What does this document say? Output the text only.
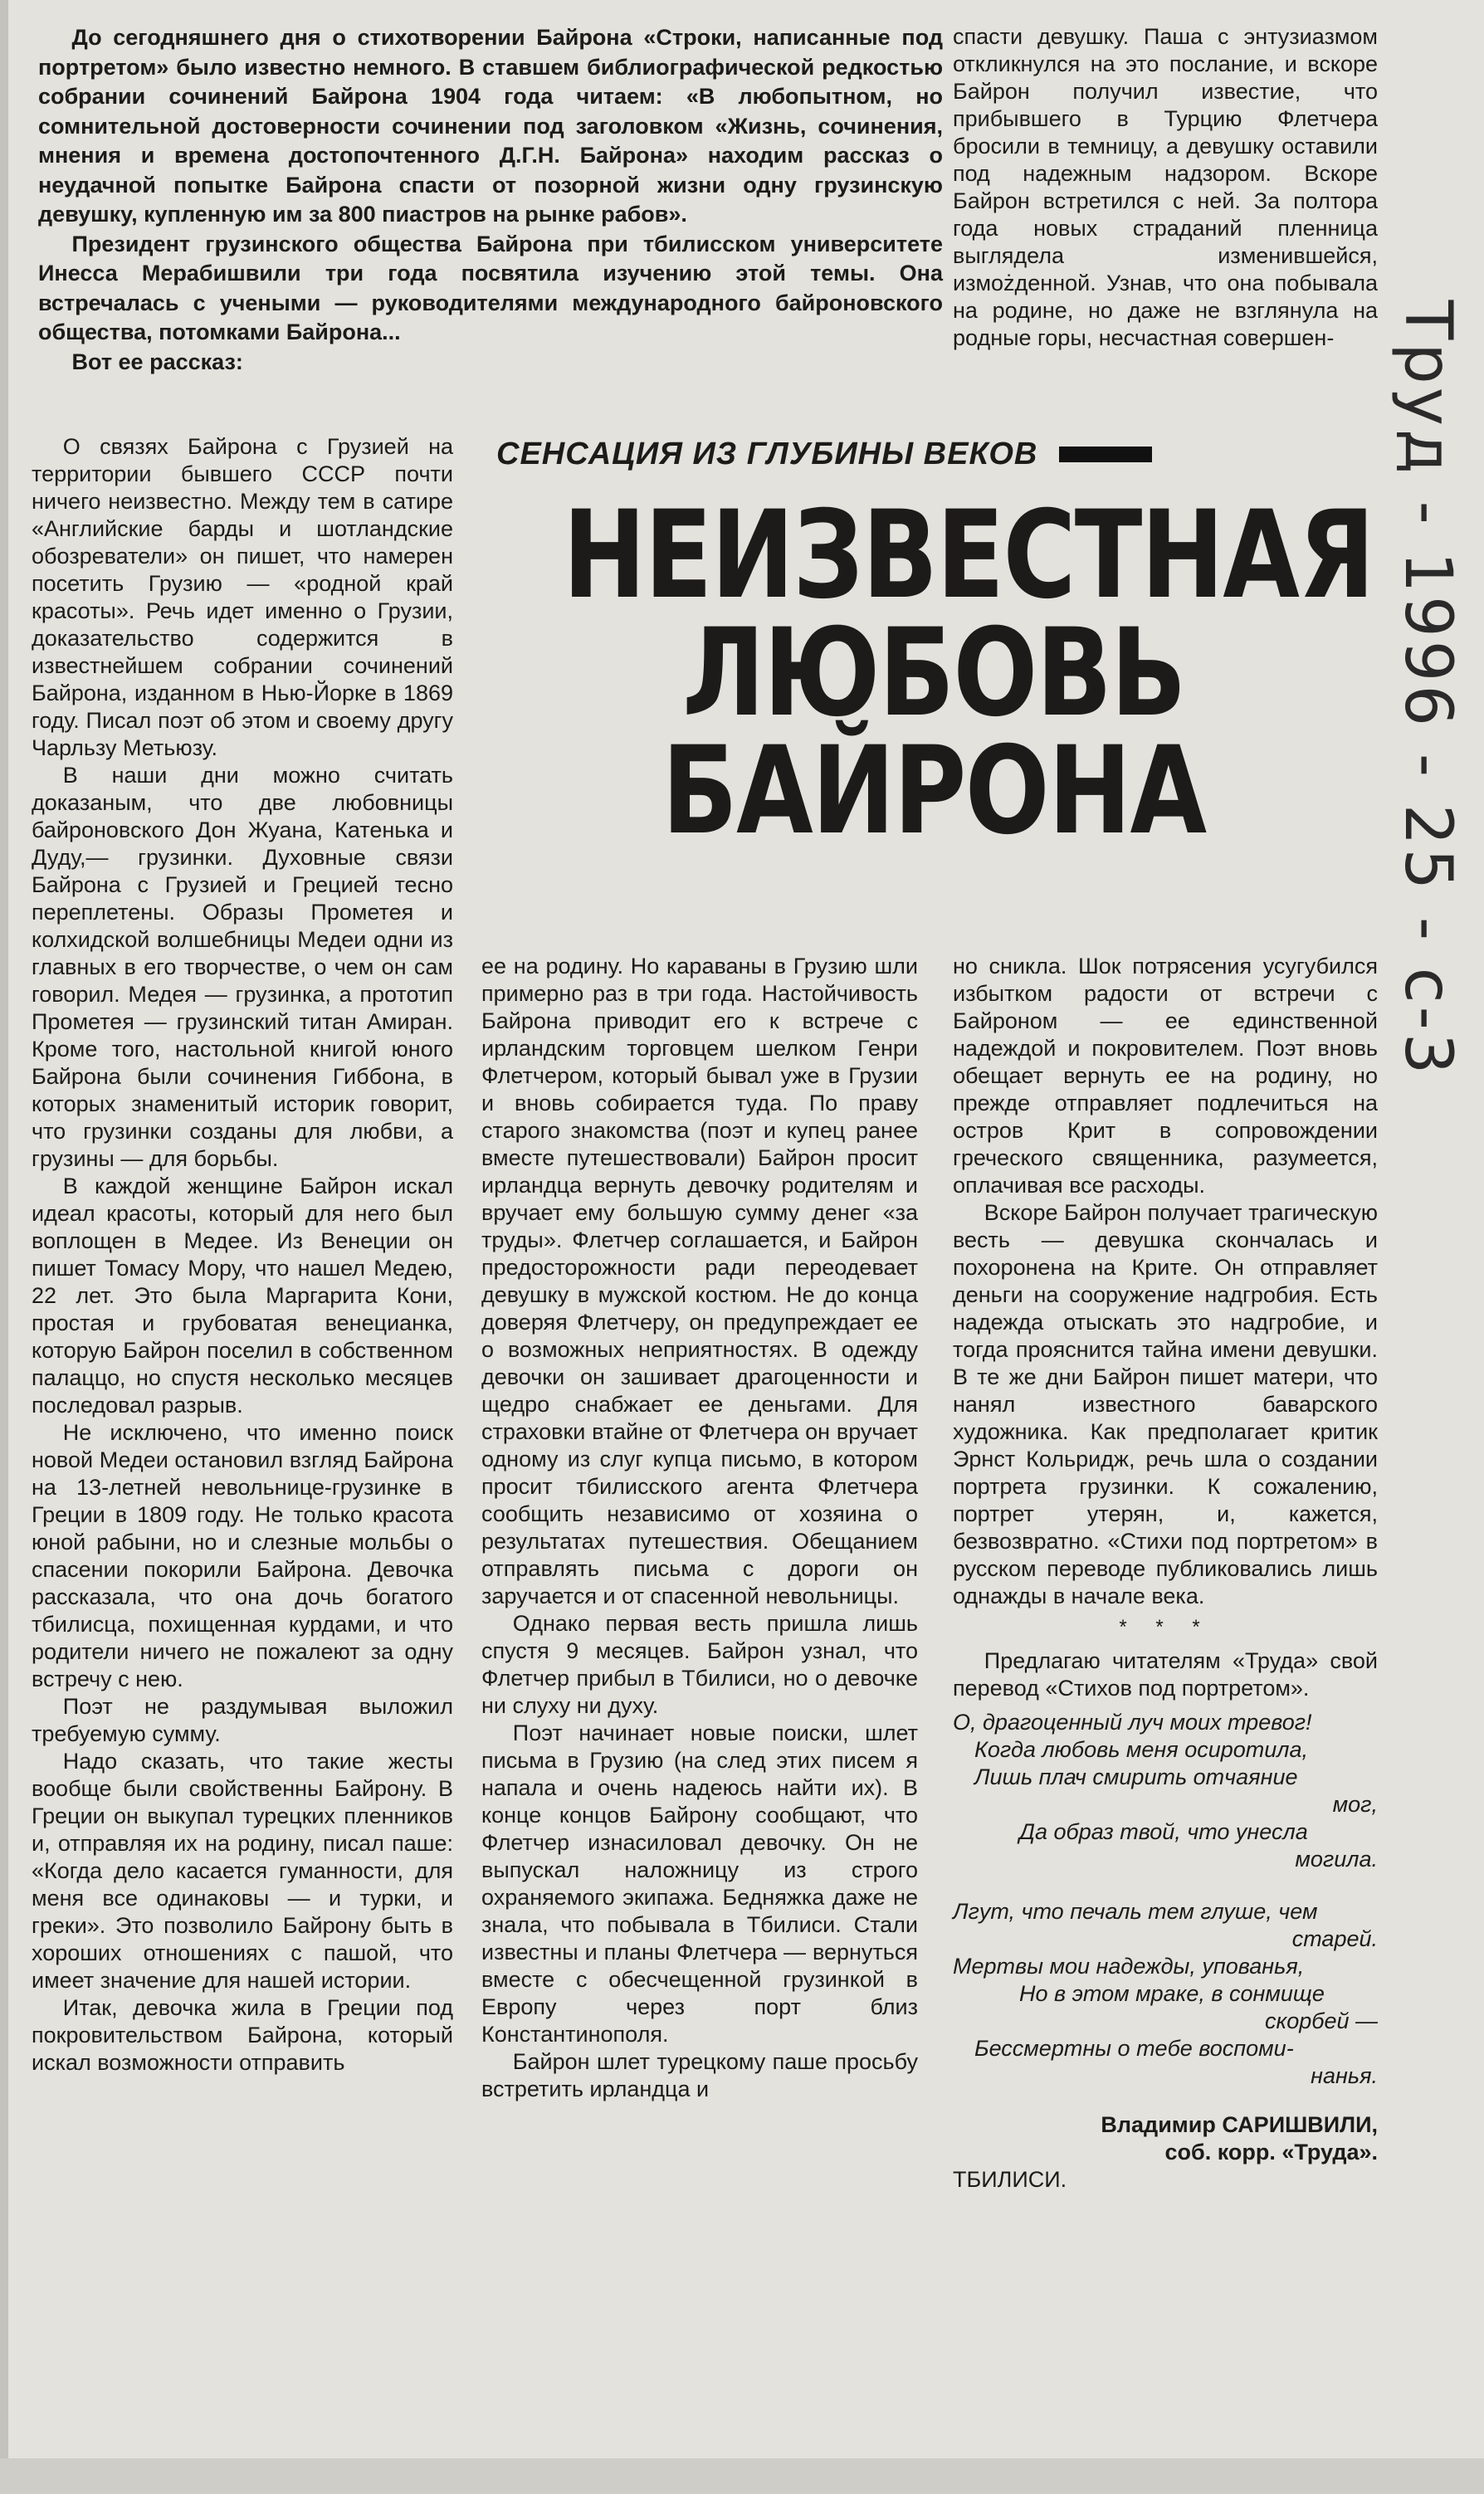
До сегодняшнего дня о стихотворении Байрона «Строки, написанные под портретом» было известно немного. В ставшем библиографической редкостью собрании сочинений Байрона 1904 года читаем: «В любопытном, но сомнительной достоверности сочинении под заголовком «Жизнь, сочинения, мнения и времена достопочтенного Д.Г.Н. Байрона» находим рассказ о неудачной попытке Байрона спасти от позорной жизни одну грузинскую девушку, купленную им за 800 пиастров на рынке рабов».

Президент грузинского общества Байрона при тбилисском университете Инесса Мерабишвили три года посвятила изучению этой темы. Она встречалась с учеными — руководителями международного байроновского общества, потомками Байрона...

Вот ее рассказ:

О связях Байрона с Грузией на территории бывшего СССР почти ничего неизвестно. Между тем в сатире «Английские барды и шотландские обозреватели» он пишет, что намерен посетить Грузию — «родной край красоты». Речь идет именно о Грузии, доказательство содержится в известнейшем собрании сочинений Байрона, изданном в Нью-Йорке в 1869 году. Писал поэт об этом и своему другу Чарльзу Метьюзу.

В наши дни можно считать доказаным, что две любовницы байроновского Дон Жуана, Катенька и Дуду,— грузинки. Духовные связи Байрона с Грузией и Грецией тесно переплетены. Образы Прометея и колхидской волшебницы Медеи одни из главных в его творчестве, о чем он сам говорил. Медея — грузинка, а прототип Прометея — грузинский титан Амиран. Кроме того, настольной книгой юного Байрона были сочинения Гиббона, в которых знаменитый историк говорит, что грузинки созданы для любви, а грузины — для борьбы.

В каждой женщине Байрон искал идеал красоты, который для него был воплощен в Медее. Из Венеции он пишет Томасу Мору, что нашел Медею, 22 лет. Это была Маргарита Кони, простая и грубоватая венецианка, которую Байрон поселил в собственном палаццо, но спустя несколько месяцев последовал разрыв.

Не исключено, что именно поиск новой Медеи остановил взгляд Байрона на 13-летней невольнице-грузинке в Греции в 1809 году. Не только красота юной рабыни, но и слезные мольбы о спасении покорили Байрона. Девочка рассказала, что она дочь богатого тбилисца, похищенная курдами, и что родители ничего не пожалеют за одну встречу с нею.

Поэт не раздумывая выложил требуемую сумму.

Надо сказать, что такие жесты вообще были свойственны Байрону. В Греции он выкупал турецких пленников и, отправляя их на родину, писал паше: «Когда дело касается гуманности, для меня все одинаковы — и турки, и греки». Это позволило Байрону быть в хороших отношениях с пашой, что имеет значение для нашей истории.

Итак, девочка жила в Греции под покровительством Байрона, который искал возможности отправить

СЕНСАЦИЯ ИЗ ГЛУБИНЫ ВЕКОВ
НЕИЗВЕСТНАЯ
ЛЮБОВЬ
БАЙРОНА

спасти девушку. Паша с энтузиазмом откликнулся на это послание, и вскоре Байрон получил известие, что прибывшего в Турцию Флетчера бросили в темницу, а девушку оставили под надежным надзором. Вскоре Байрон встретился с ней. За полтора года новых страданий пленница выглядела изменившейся, измożденной. Узнав, что она побывала на родине, но даже не взглянула на родные горы, несчастная совершен-

ее на родину. Но караваны в Грузию шли примерно раз в три года. Настойчивость Байрона приводит его к встрече с ирландским торговцем шелком Генри Флетчером, который бывал уже в Грузии и вновь собирается туда. По праву старого знакомства (поэт и купец ранее вместе путешествовали) Байрон просит ирландца вернуть девочку родителям и вручает ему большую сумму денег «за труды». Флетчер соглашается, и Байрон предосторожности ради переодевает девушку в мужской костюм. Не до конца доверяя Флетчеру, он предупреждает ее о возможных неприятностях. В одежду девочки он зашивает драгоценности и щедро снабжает ее деньгами. Для страховки втайне от Флетчера он вручает одному из слуг купца письмо, в котором просит тбилисского агента Флетчера сообщить независимо от хозяина о результатах путешествия. Обещанием отправлять письма с дороги он заручается и от спасенной невольницы.

Однако первая весть пришла лишь спустя 9 месяцев. Байрон узнал, что Флетчер прибыл в Тбилиси, но о девочке ни слуху ни духу.

Поэт начинает новые поиски, шлет письма в Грузию (на след этих писем я напала и очень надеюсь найти их). В конце концов Байрону сообщают, что Флетчер изнасиловал девочку. Он не выпускал наложницу из строго охраняемого экипажа. Бедняжка даже не знала, что побывала в Тбилиси. Стали известны и планы Флетчера — вернуться вместе с обесчещенной грузинкой в Европу через порт близ Константинополя.

Байрон шлет турецкому паше просьбу встретить ирландца и

но сникла. Шок потрясения усугубился избытком радости от встречи с Байроном — ее единственной надеждой и покровителем. Поэт вновь обещает вернуть ее на родину, но прежде отправляет подлечиться на остров Крит в сопровождении греческого священника, разумеется, оплачивая все расходы.

Вскоре Байрон получает трагическую весть — девушка скончалась и похоронена на Крите. Он отправляет деньги на сооружение надгробия. Есть надежда отыскать это надгробие, и тогда прояснится тайна имени девушки. В те же дни Байрон пишет матери, что нанял известного баварского художника. Как предполагает критик Эрнст Кольридж, речь шла о создании портрета грузинки. К сожалению, портрет утерян, и, кажется, безвозвратно. «Стихи под портретом» в русском переводе публиковались лишь однажды в начале века.

* * *

Предлагаю читателям «Труда» свой перевод «Стихов под портретом».

О, драгоценный луч моих тревог!
Когда любовь меня осиротила,
Лишь плач смирить отчаяние
мог,
Да образ твой, что унесла
могила.
Лгут, что печаль тем глуше, чем
старей.
Мертвы мои надежды, упованья,
Но в этом мраке, в сонмище
скорбей —
Бессмертны о тебе воспоми-
нанья.
Владимир САРИШВИЛИ,
соб. корр. «Труда».
ТБИЛИСИ.
Труд - 1996 - 25 - с-3
